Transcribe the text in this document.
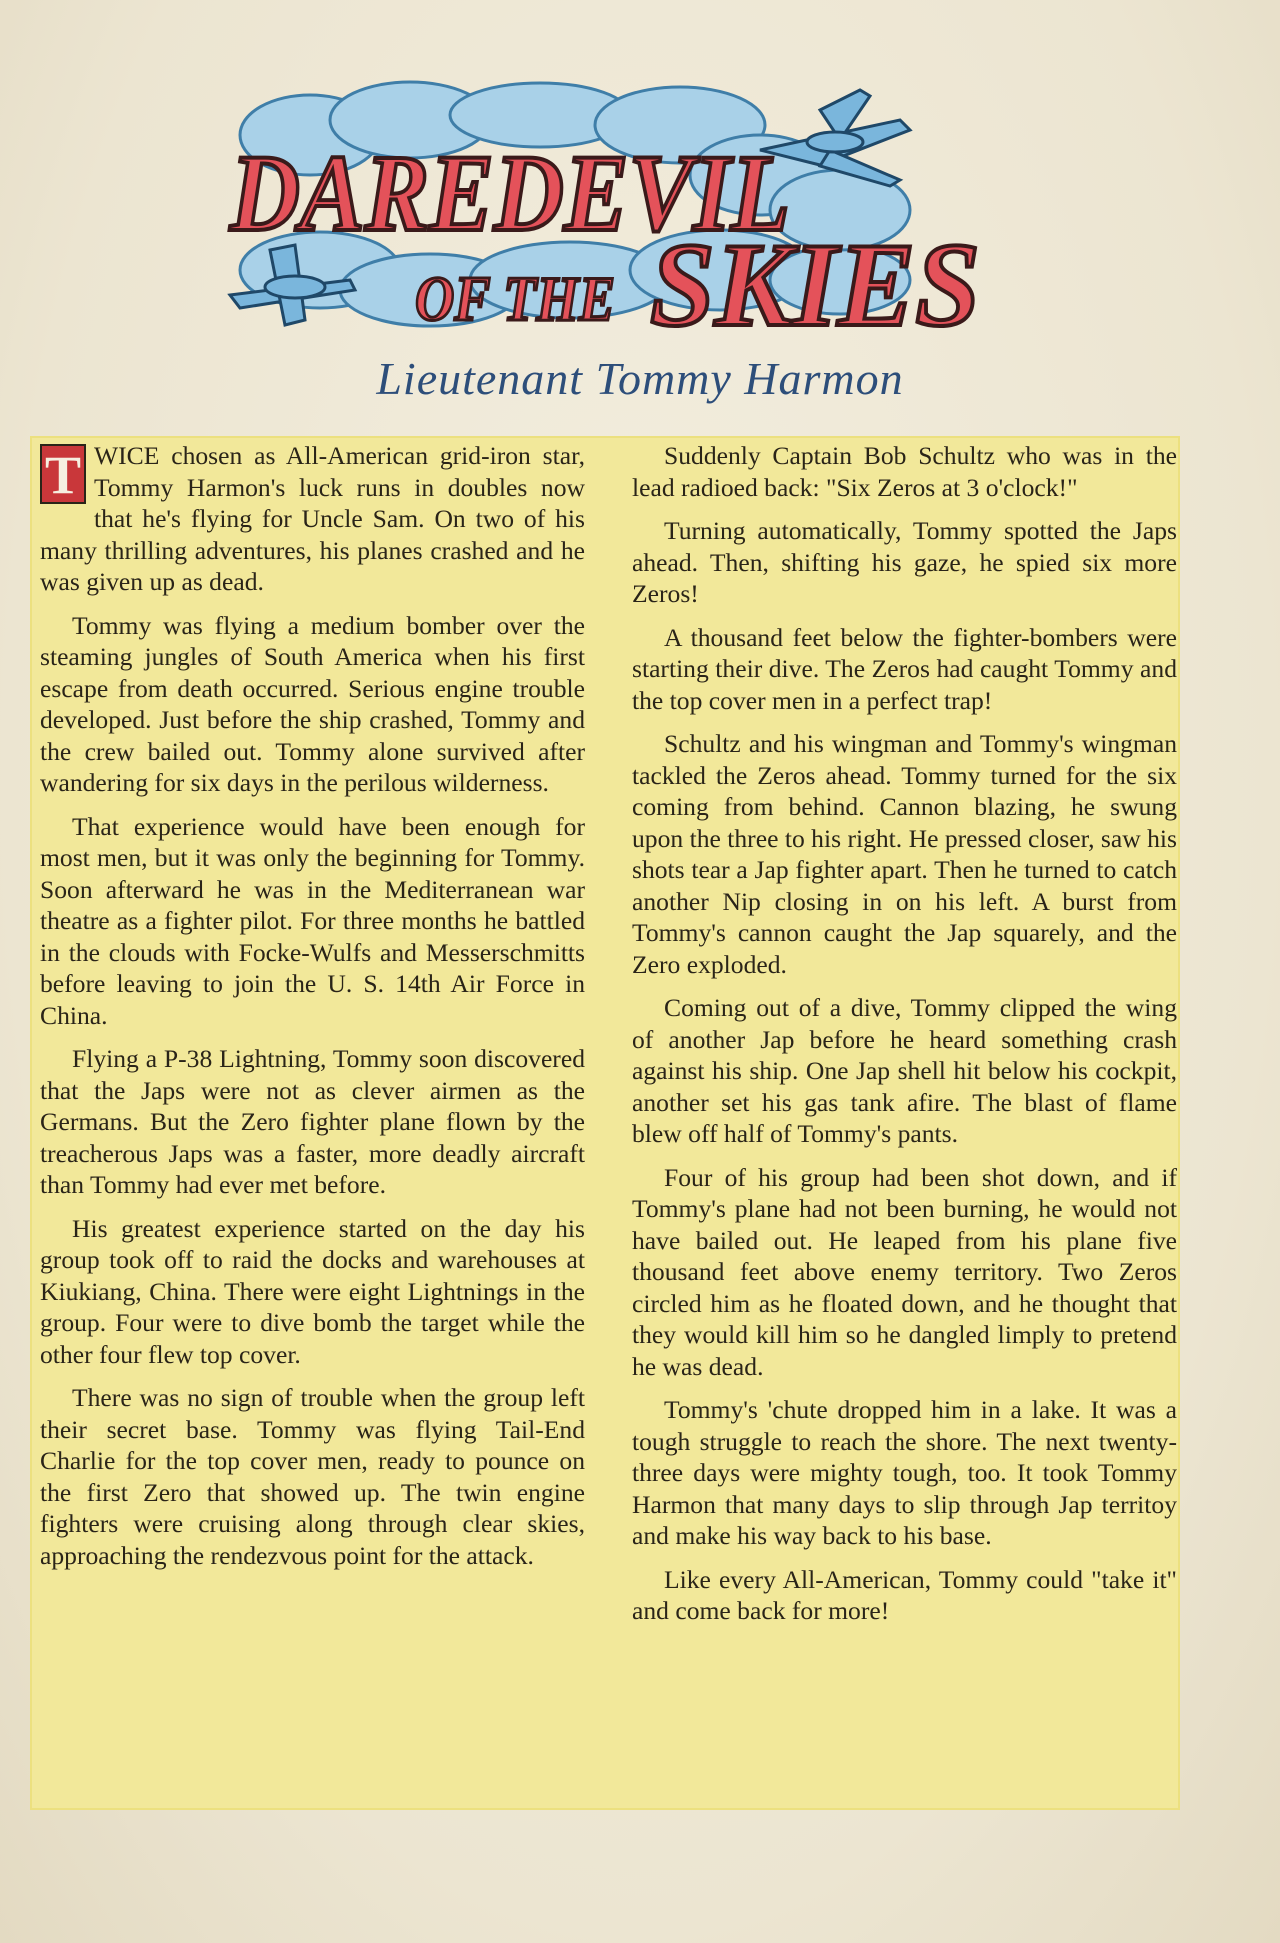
DAREDEVIL
OF THE SKIES
Lieutenant Tommy Harmon

T WICE chosen as All-American grid-iron star, Tommy Harmon's luck runs in doubles now that he's flying for Uncle Sam. On two of his many thrilling adventures, his planes crashed and he was given up as dead.

Tommy was flying a medium bomber over the steaming jungles of South America when his first escape from death occurred. Serious engine trouble developed. Just before the ship crashed, Tommy and the crew bailed out. Tommy alone survived after wandering for six days in the perilous wilderness.

That experience would have been enough for most men, but it was only the beginning for Tommy. Soon afterward he was in the Mediterranean war theatre as a fighter pilot. For three months he battled in the clouds with Focke-Wulfs and Messerschmitts before leaving to join the U. S. 14th Air Force in China.

Flying a P-38 Lightning, Tommy soon discovered that the Japs were not as clever airmen as the Germans. But the Zero fighter plane flown by the treacherous Japs was a faster, more deadly aircraft than Tommy had ever met before.

His greatest experience started on the day his group took off to raid the docks and warehouses at Kiukiang, China. There were eight Lightnings in the group. Four were to dive bomb the target while the other four flew top cover.

There was no sign of trouble when the group left their secret base. Tommy was flying Tail-End Charlie for the top cover men, ready to pounce on the first Zero that showed up. The twin engine fighters were cruising along through clear skies, approaching the rendezvous point for the attack.

Suddenly Captain Bob Schultz who was in the lead radioed back: "Six Zeros at 3 o'clock!"

Turning automatically, Tommy spotted the Japs ahead. Then, shifting his gaze, he spied six more Zeros!

A thousand feet below the fighter-bombers were starting their dive. The Zeros had caught Tommy and the top cover men in a perfect trap!

Schultz and his wingman and Tommy's wingman tackled the Zeros ahead. Tommy turned for the six coming from behind. Cannon blazing, he swung upon the three to his right. He pressed closer, saw his shots tear a Jap fighter apart. Then he turned to catch another Nip closing in on his left. A burst from Tommy's cannon caught the Jap squarely, and the Zero exploded.

Coming out of a dive, Tommy clipped the wing of another Jap before he heard something crash against his ship. One Jap shell hit below his cockpit, another set his gas tank afire. The blast of flame blew off half of Tommy's pants.

Four of his group had been shot down, and if Tommy's plane had not been burning, he would not have bailed out. He leaped from his plane five thousand feet above enemy territory. Two Zeros circled him as he floated down, and he thought that they would kill him so he dangled limply to pretend he was dead.

Tommy's 'chute dropped him in a lake. It was a tough struggle to reach the shore. The next twenty-three days were mighty tough, too. It took Tommy Harmon that many days to slip through Jap territoy and make his way back to his base.

Like every All-American, Tommy could "take it" and come back for more!
